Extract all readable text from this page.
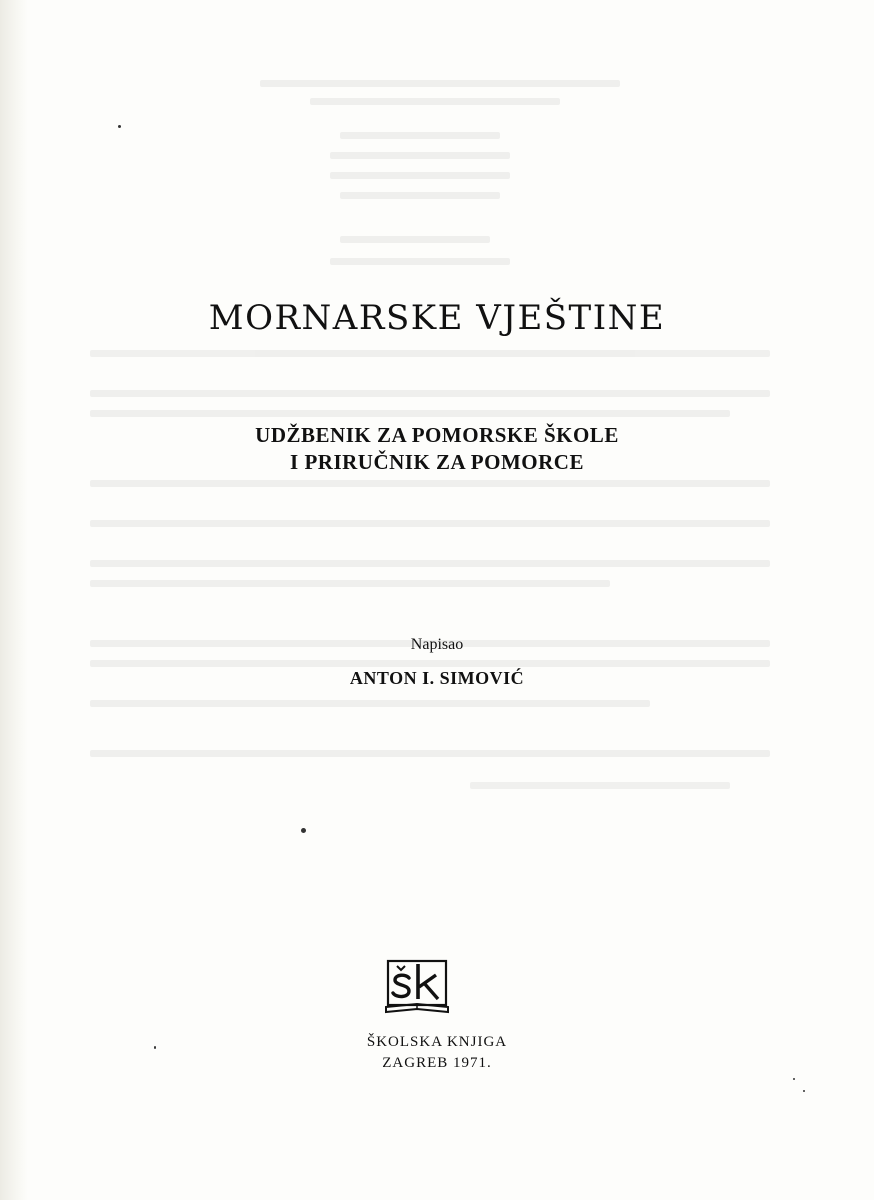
MORNARSKE VJEŠTINE
UDŽBENIK ZA POMORSKE ŠKOLE
I PRIRUČNIK ZA POMORCE
Napisao
ANTON I. SIMOVIĆ
ŠKOLSKA KNJIGA
ZAGREB 1971.
